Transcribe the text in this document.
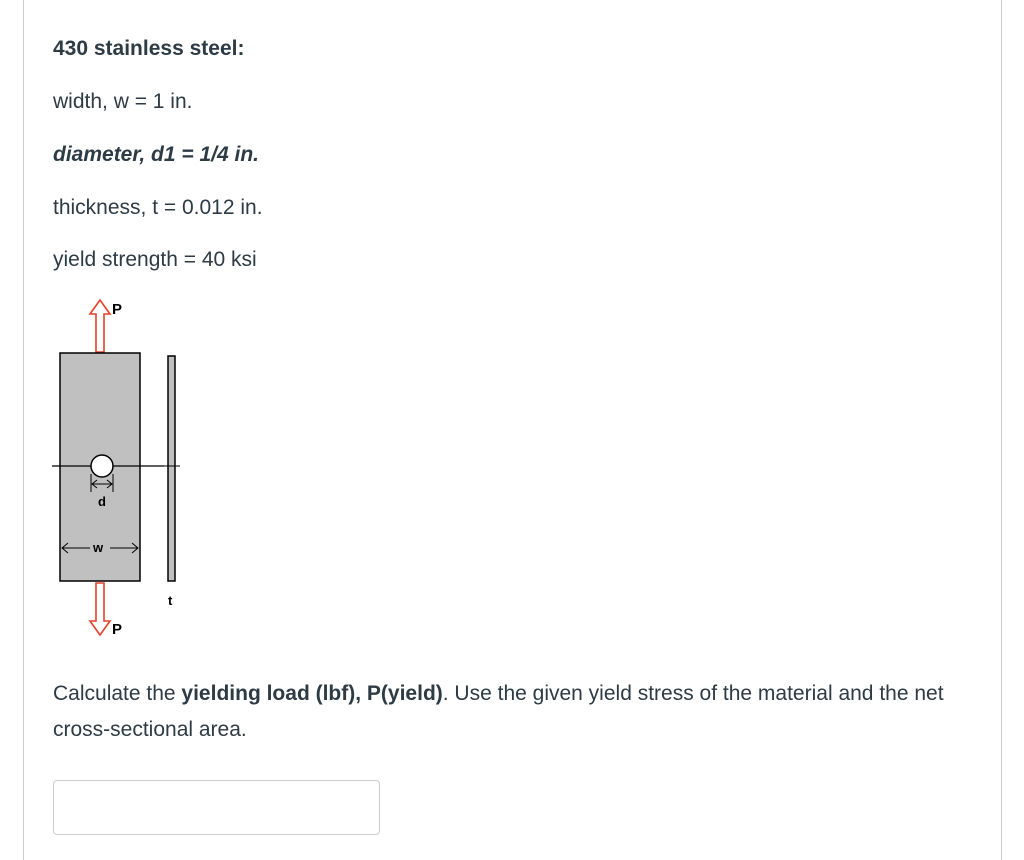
430 stainless steel:

width, w = 1 in.

diameter, d1 = 1/4 in.

thickness, t = 0.012 in.

yield strength = 40 ksi

P
d
w
P
t

Calculate the yielding load (lbf), P(yield). Use the given yield stress of the material and the net cross-sectional area.
